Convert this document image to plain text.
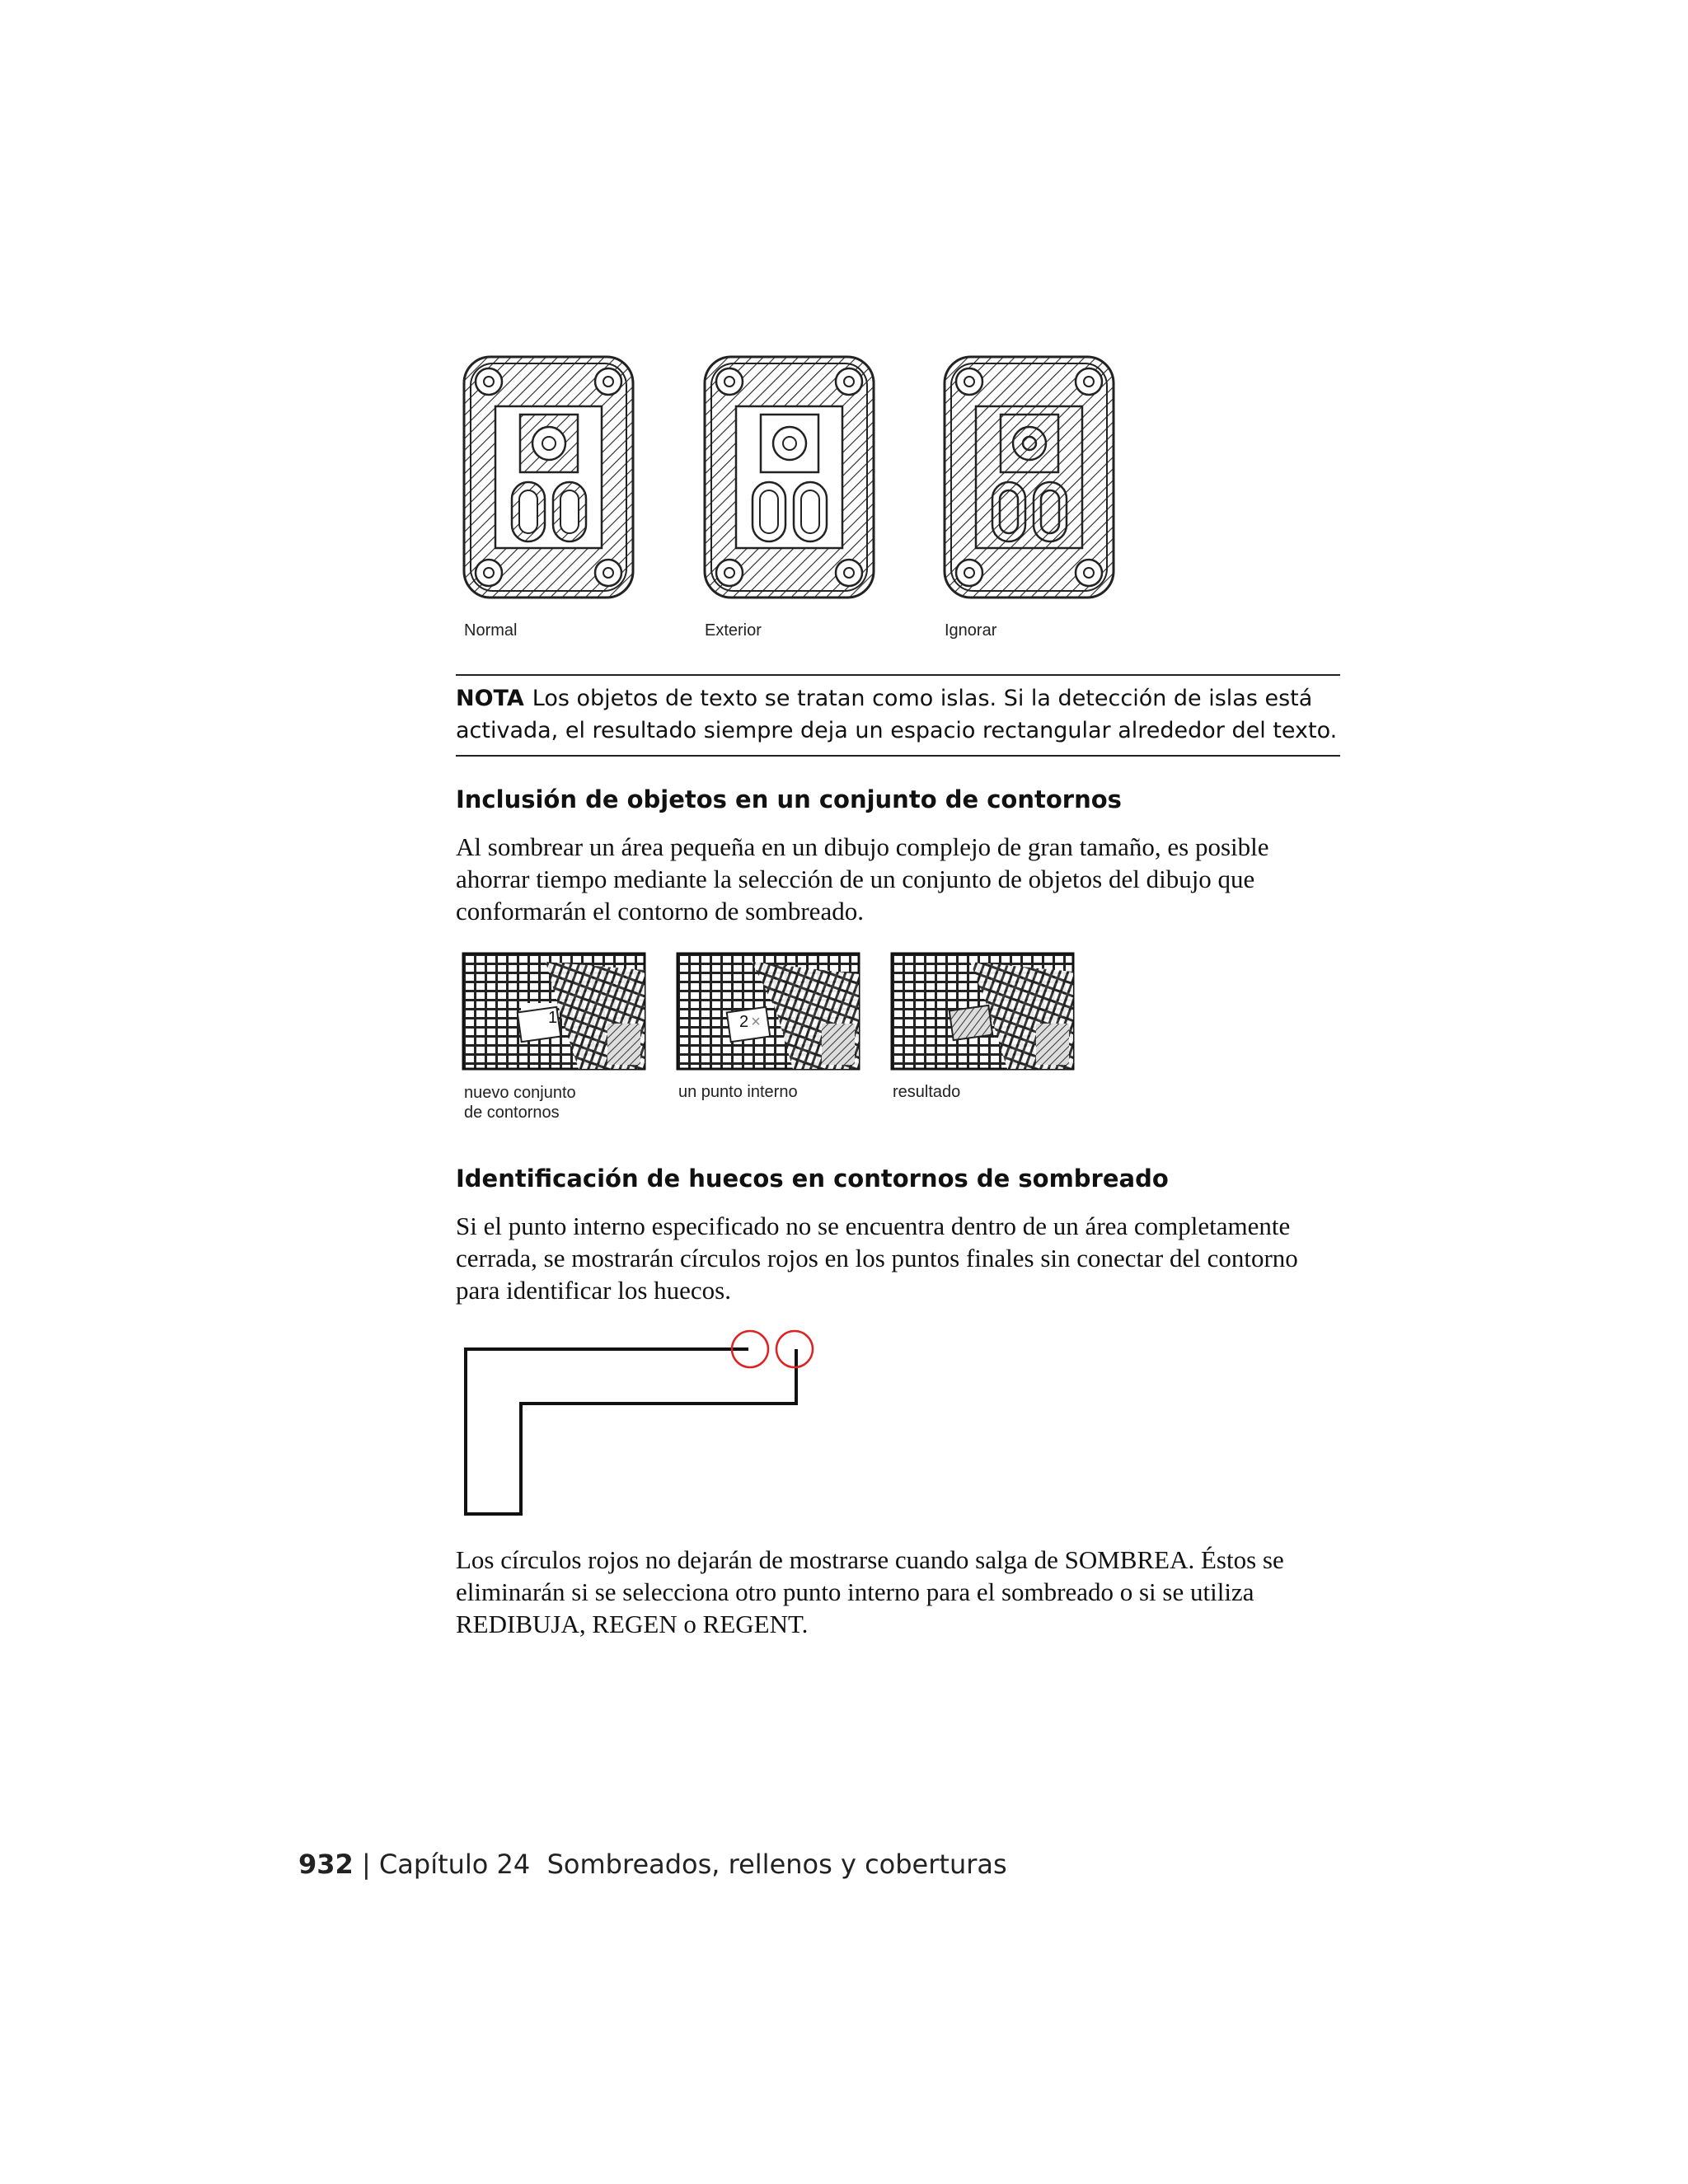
Normal	Exterior	Ignorar
NOTA Los objetos de texto se tratan como islas. Si la detección de islas está activada, el resultado siempre deja un espacio rectangular alrededor del texto.
Inclusión de objetos en un conjunto de contornos
Al sombrear un área pequeña en un dibujo complejo de gran tamaño, es posible ahorrar tiempo mediante la selección de un conjunto de objetos del dibujo que conformarán el contorno de sombreado.
1	2 ×
nuevo conjunto de contornos
un punto interno	resultado
Identificación de huecos en contornos de sombreado
Si el punto interno especificado no se encuentra dentro de un área completamente cerrada, se mostrarán círculos rojos en los puntos finales sin conectar del contorno para identificar los huecos.
Los círculos rojos no dejarán de mostrarse cuando salga de SOMBREA. Éstos se eliminarán si se selecciona otro punto interno para el sombreado o si se utiliza REDIBUJA, REGEN o REGENT.
932 | Capítulo 24 Sombreados, rellenos y coberturas
